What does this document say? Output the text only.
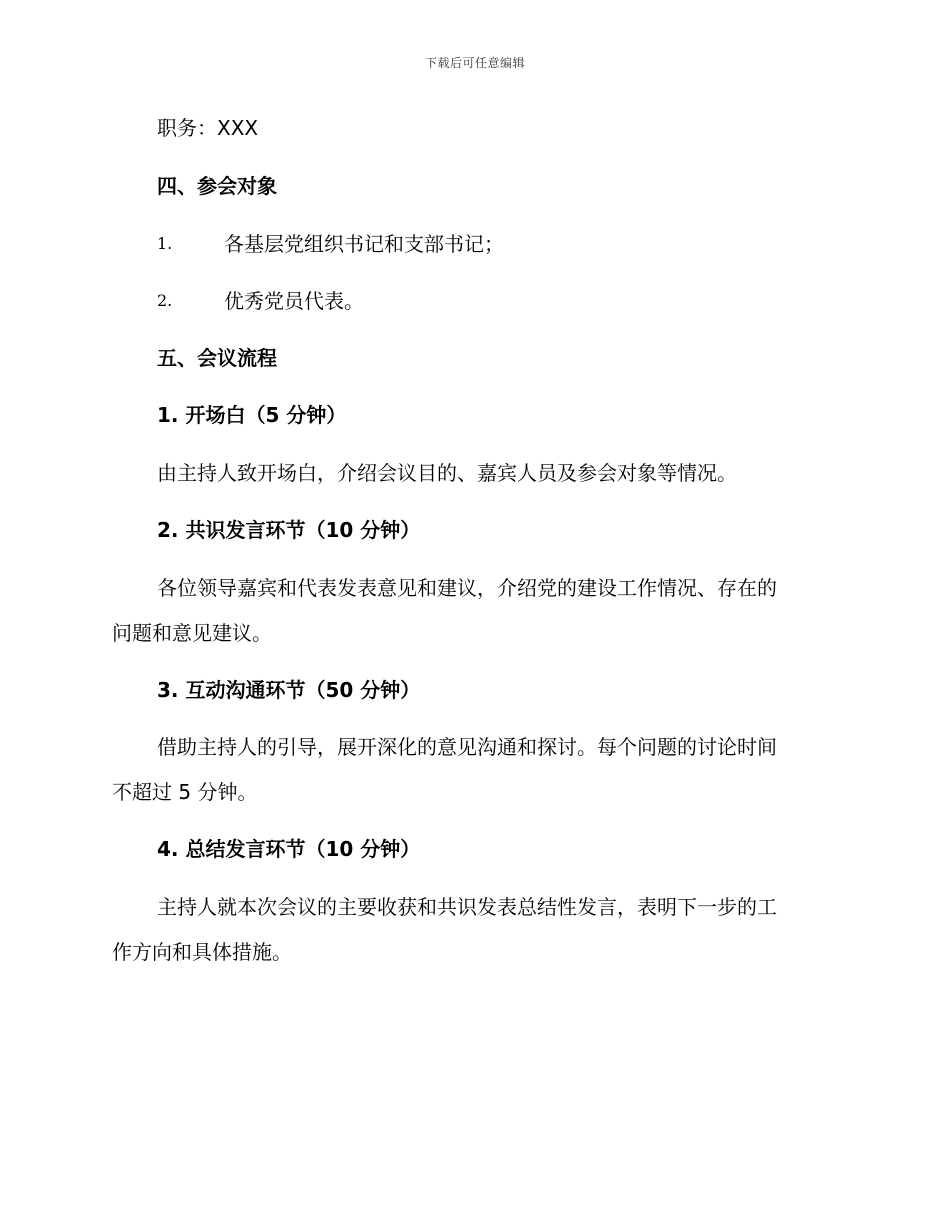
下载后可任意编辑
职务：XXX
四、参会对象
1.	各基层党组织书记和支部书记；
2.	优秀党员代表。
五、会议流程
1. 开场白（5 分钟）
由主持人致开场白，介绍会议目的、嘉宾人员及参会对象等情况。
2. 共识发言环节（10 分钟）
各位领导嘉宾和代表发表意见和建议，介绍党的建设工作情况、存在的
问题和意见建议。
3. 互动沟通环节（50 分钟）
借助主持人的引导，展开深化的意见沟通和探讨。每个问题的讨论时间
不超过 5 分钟。
4. 总结发言环节（10 分钟）
主持人就本次会议的主要收获和共识发表总结性发言，表明下一步的工
作方向和具体措施。
